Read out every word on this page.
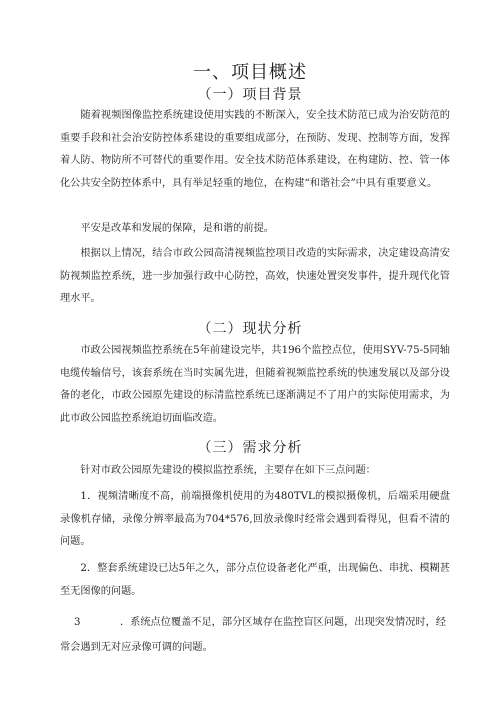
一、项目概述
（一）项目背景
随着视频图像监控系统建设使用实践的不断深入，安全技术防范已成为治安防范的重要手段和社会治安防控体系建设的重要组成部分，在预防、发现、控制等方面，发挥着人防、物防所不可替代的重要作用。安全技术防范体系建设，在构建防、控、管一体化公共安全防控体系中，具有举足轻重的地位，在构建“和谐社会”中具有重要意义。
平安是改革和发展的保障，是和谐的前提。
根据以上情况，结合市政公园高清视频监控项目改造的实际需求，决定建设高清安防视频监控系统，进一步加强行政中心防控，高效，快速处置突发事件，提升现代化管理水平。
（二）现状分析
市政公园视频监控系统在5年前建设完毕，共196个监控点位，使用SYV-75-5同轴电缆传输信号，该套系统在当时实属先进，但随着视频监控系统的快速发展以及部分设备的老化，市政公园原先建设的标清监控系统已逐渐满足不了用户的实际使用需求，为此市政公园监控系统迫切面临改造。
（三）需求分析
针对市政公园原先建设的模拟监控系统，主要存在如下三点问题：
1．视频清晰度不高，前端摄像机使用的为480TVL的模拟摄像机，后端采用硬盘录像机存储，录像分辨率最高为704*576,回放录像时经常会遇到看得见，但看不清的问题。
2．整套系统建设已达5年之久，部分点位设备老化严重，出现偏色、串扰、模糊甚至无图像的问题。
3	．系统点位覆盖不足，部分区域存在监控盲区问题，出现突发情况时，经
常会遇到无对应录像可调的问题。
